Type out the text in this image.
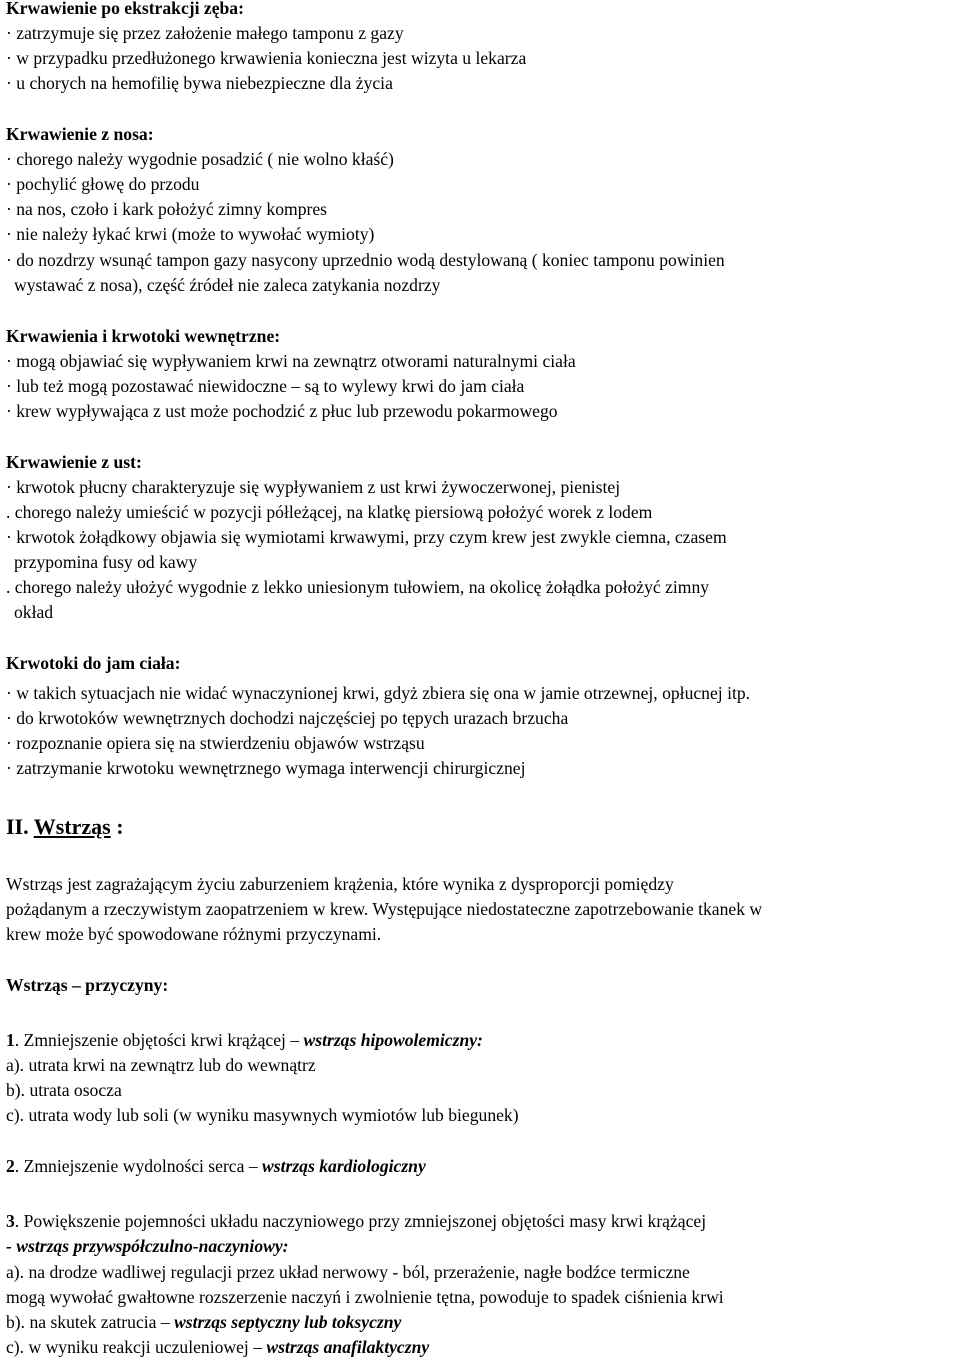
Krwawienie po ekstrakcji zęba:
· zatrzymuje się przez założenie małego tamponu z gazy
· w przypadku przedłużonego krwawienia konieczna jest wizyta u lekarza
· u chorych na hemofilię bywa niebezpieczne dla życia
Krwawienie z nosa:
· chorego należy wygodnie posadzić ( nie wolno kłaść)
· pochylić głowę do przodu
· na nos, czoło i kark położyć zimny kompres
· nie należy łykać krwi (może to wywołać wymioty)
· do nozdrzy wsunąć tampon gazy nasycony uprzednio wodą destylowaną ( koniec tamponu powinien
wystawać z nosa), część źródeł nie zaleca zatykania nozdrzy
Krwawienia i krwotoki wewnętrzne:
· mogą objawiać się wypływaniem krwi na zewnątrz otworami naturalnymi ciała
· lub też mogą pozostawać niewidoczne – są to wylewy krwi do jam ciała
· krew wypływająca z ust może pochodzić z płuc lub przewodu pokarmowego
Krwawienie z ust:
· krwotok płucny charakteryzuje się wypływaniem z ust krwi żywoczerwonej, pienistej
. chorego należy umieścić w pozycji półleżącej, na klatkę piersiową położyć worek z lodem
· krwotok żołądkowy objawia się wymiotami krwawymi, przy czym krew jest zwykle ciemna, czasem
przypomina fusy od kawy
. chorego należy ułożyć wygodnie z lekko uniesionym tułowiem, na okolicę żołądka położyć zimny
okład
Krwotoki do jam ciała:
· w takich sytuacjach nie widać wynaczynionej krwi, gdyż zbiera się ona w jamie otrzewnej, opłucnej itp.
· do krwotoków wewnętrznych dochodzi najczęściej po tępych urazach brzucha
· rozpoznanie opiera się na stwierdzeniu objawów wstrząsu
· zatrzymanie krwotoku wewnętrznego wymaga interwencji chirurgicznej
II. Wstrząs :
Wstrząs jest zagrażającym życiu zaburzeniem krążenia, które wynika z dysproporcji pomiędzy
pożądanym a rzeczywistym zaopatrzeniem w krew. Występujące niedostateczne zapotrzebowanie tkanek w
krew może być spowodowane różnymi przyczynami.
Wstrząs – przyczyny:
1. Zmniejszenie objętości krwi krążącej – wstrząs hipowolemiczny:
a). utrata krwi na zewnątrz lub do wewnątrz
b). utrata osocza
c). utrata wody lub soli (w wyniku masywnych wymiotów lub biegunek)
2. Zmniejszenie wydolności serca – wstrząs kardiologiczny
3. Powiększenie pojemności układu naczyniowego przy zmniejszonej objętości masy krwi krążącej
- wstrząs przywspółczulno-naczyniowy:
a). na drodze wadliwej regulacji przez układ nerwowy - ból, przerażenie, nagłe bodźce termiczne
mogą wywołać gwałtowne rozszerzenie naczyń i zwolnienie tętna, powoduje to spadek ciśnienia krwi
b). na skutek zatrucia – wstrząs septyczny lub toksyczny
c). w wyniku reakcji uczuleniowej – wstrząs anafilaktyczny
